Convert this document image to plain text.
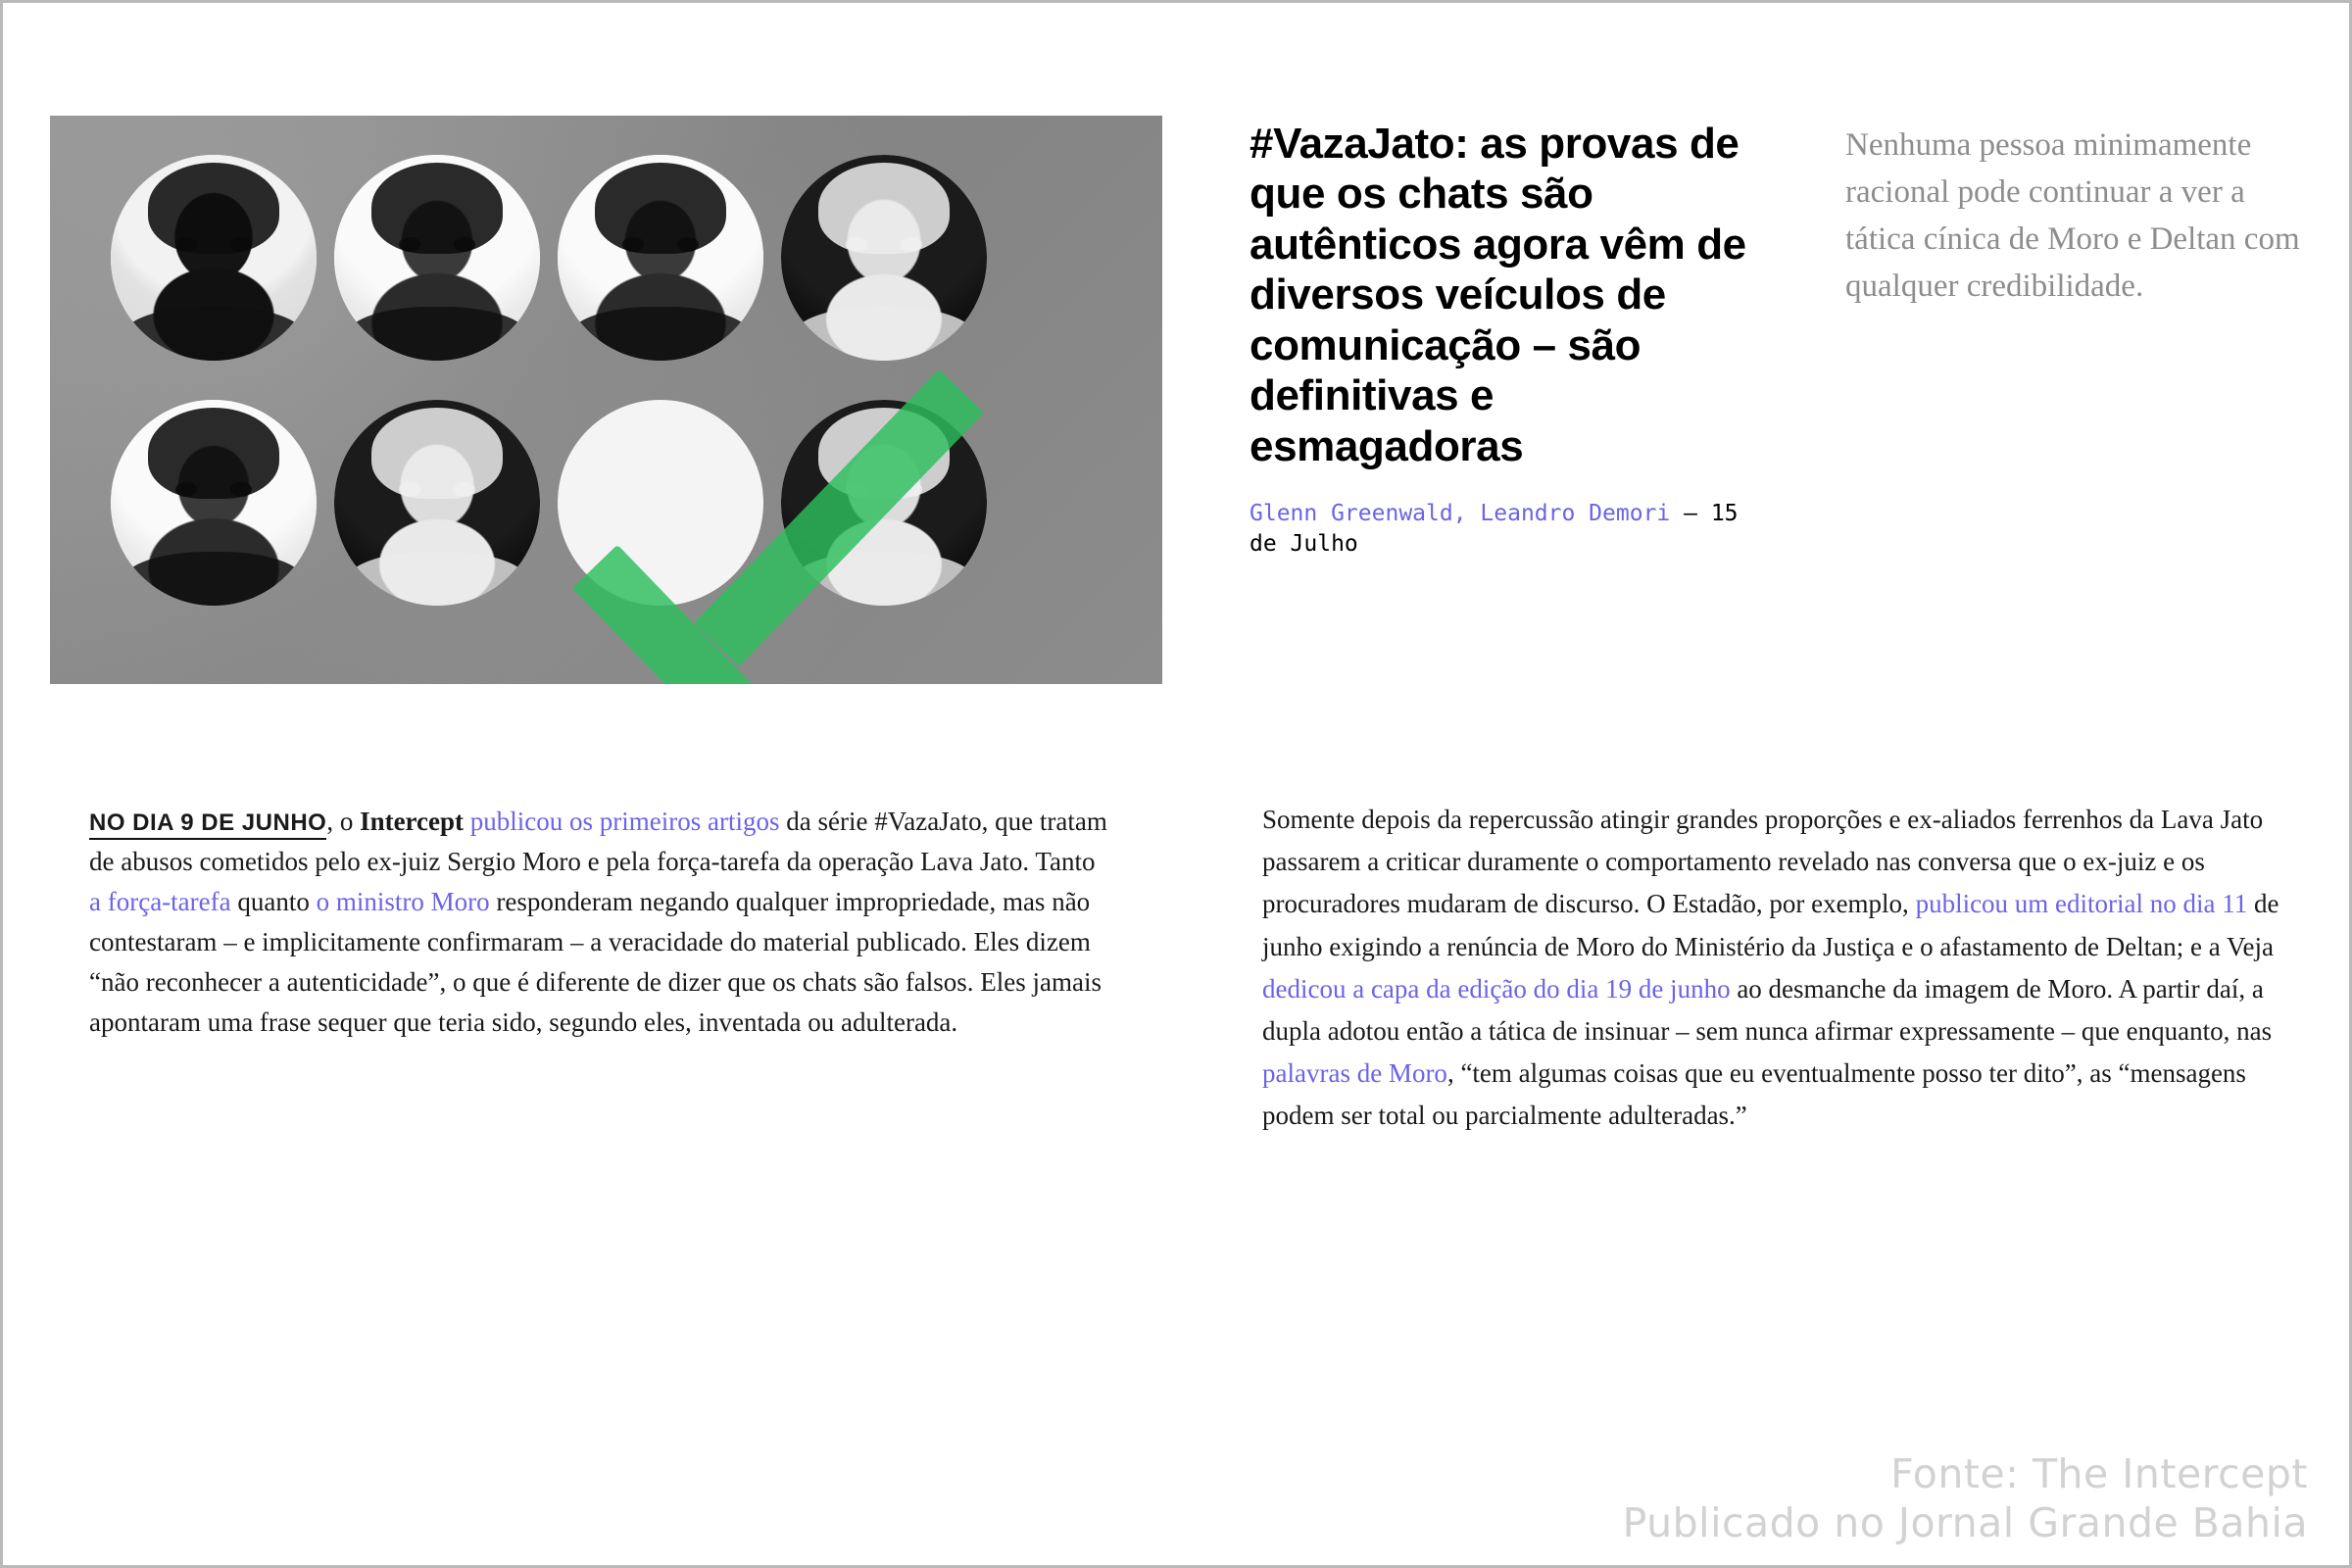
#VazaJato: as provas de que os chats são autênticos agora vêm de diversos veículos de comunicação – são definitivas e esmagadoras
Glenn Greenwald, Leandro Demori — 15 de Julho
Nenhuma pessoa minimamente racional pode continuar a ver a tática cínica de Moro e Deltan com qualquer credibilidade.

NO DIA 9 DE JUNHO, o Intercept publicou os primeiros artigos da série #VazaJato, que tratam de abusos cometidos pelo ex-juiz Sergio Moro e pela força-tarefa da operação Lava Jato. Tanto a força-tarefa quanto o ministro Moro responderam negando qualquer impropriedade, mas não contestaram – e implicitamente confirmaram – a veracidade do material publicado. Eles dizem “não reconhecer a autenticidade”, o que é diferente de dizer que os chats são falsos. Eles jamais apontaram uma frase sequer que teria sido, segundo eles, inventada ou adulterada.

Somente depois da repercussão atingir grandes proporções e ex-aliados ferrenhos da Lava Jato passarem a criticar duramente o comportamento revelado nas conversa que o ex-juiz e os procuradores mudaram de discurso. O Estadão, por exemplo, publicou um editorial no dia 11 de junho exigindo a renúncia de Moro do Ministério da Justiça e o afastamento de Deltan; e a Veja dedicou a capa da edição do dia 19 de junho ao desmanche da imagem de Moro. A partir daí, a dupla adotou então a tática de insinuar – sem nunca afirmar expressamente – que enquanto, nas palavras de Moro, “tem algumas coisas que eu eventualmente posso ter dito”, as “mensagens podem ser total ou parcialmente adulteradas.”

Fonte: The Intercept
Publicado no Jornal Grande Bahia
